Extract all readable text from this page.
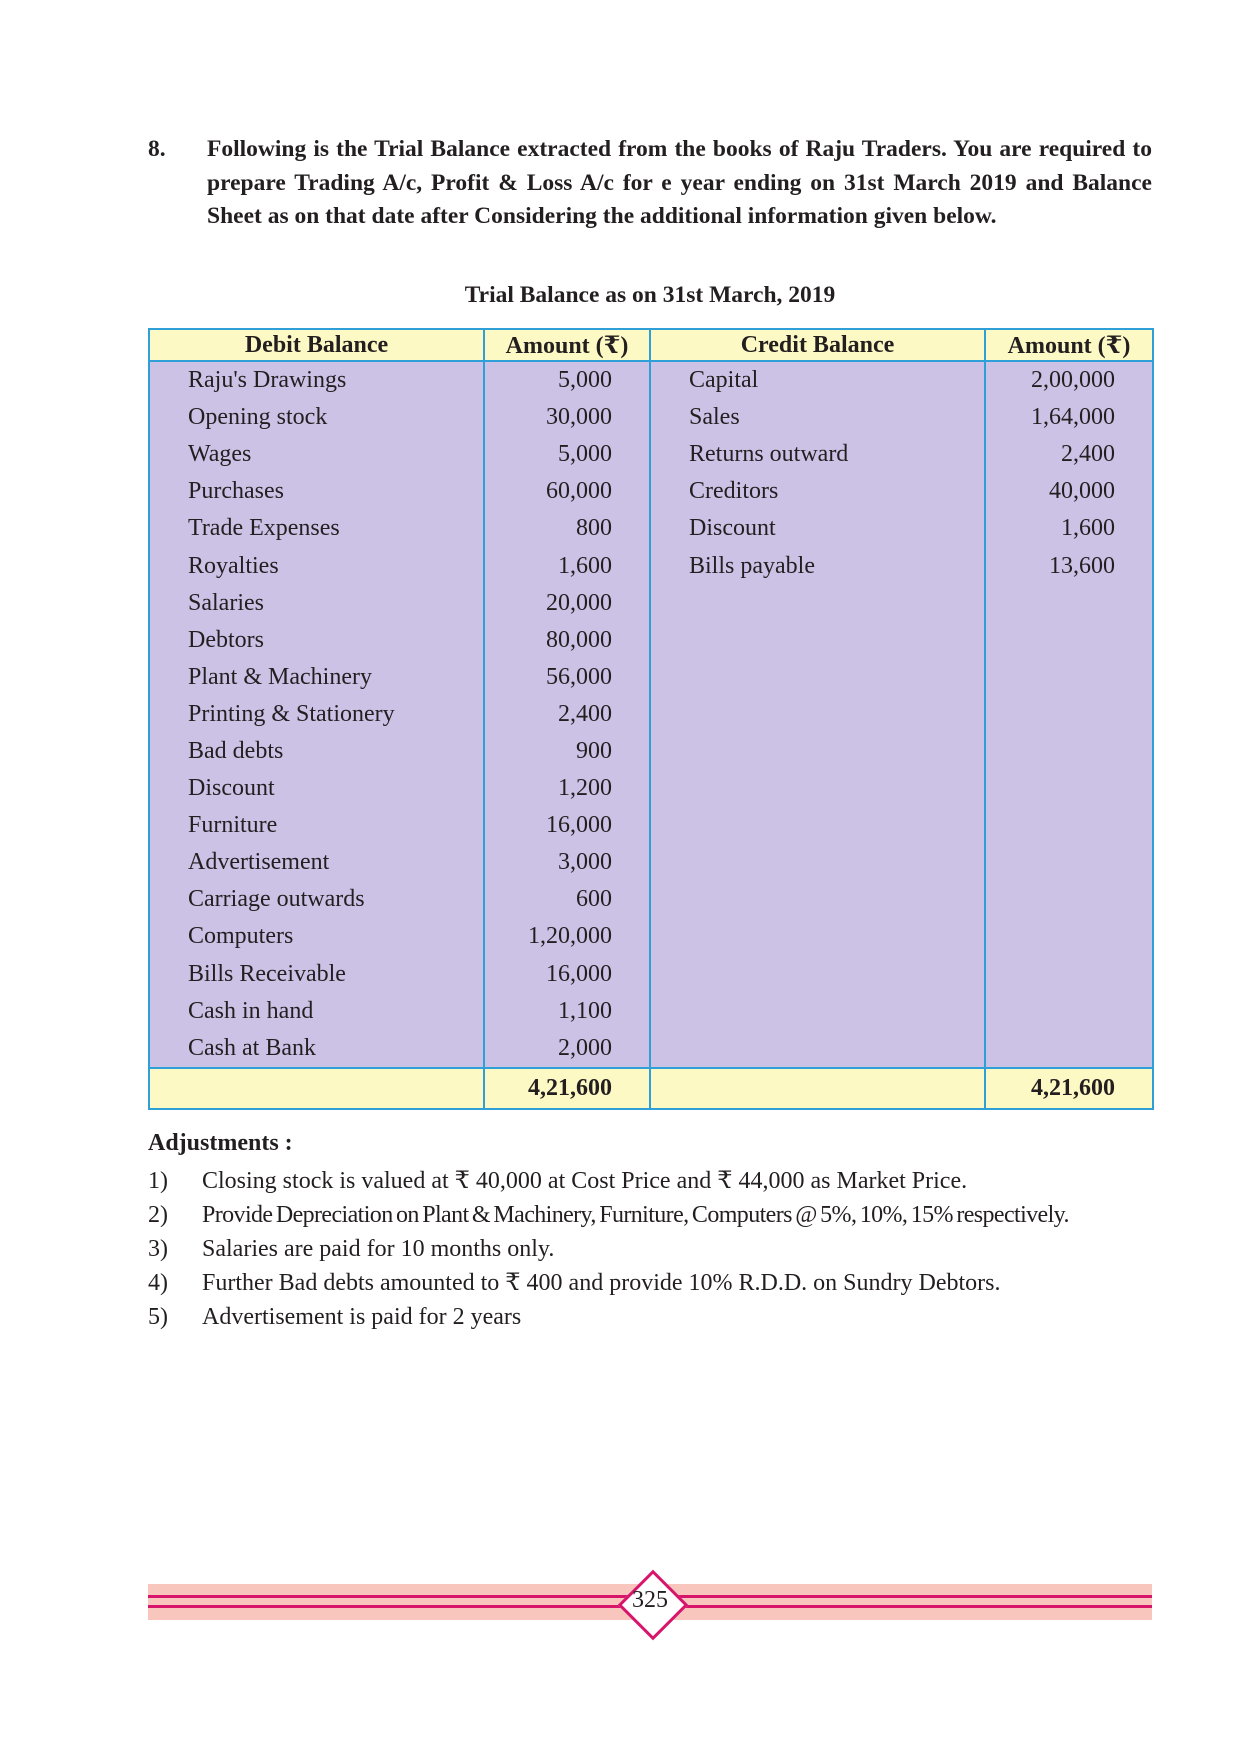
8. Following is the Trial Balance extracted from the books of Raju Traders. You are required to prepare Trading A/c, Profit & Loss A/c for e year ending on 31st March 2019 and Balance Sheet as on that date after Considering the additional information given below.
Trial Balance as on 31st March, 2019
Debit Balance	Amount (₹)	Credit Balance	Amount (₹)
Raju's Drawings	5,000	Capital	2,00,000
Opening stock	30,000	Sales	1,64,000
Wages	5,000	Returns outward	2,400
Purchases	60,000	Creditors	40,000
Trade Expenses	800	Discount	1,600
Royalties	1,600	Bills payable	13,600
Salaries	20,000		
Debtors	80,000		
Plant & Machinery	56,000		
Printing & Stationery	2,400		
Bad debts	900		
Discount	1,200		
Furniture	16,000		
Advertisement	3,000		
Carriage outwards	600		
Computers	1,20,000		
Bills Receivable	16,000		
Cash in hand	1,100		
Cash at Bank	2,000		
	4,21,600		4,21,600
Adjustments :
1) Closing stock is valued at ₹ 40,000 at Cost Price and ₹ 44,000 as Market Price.
2) Provide Depreciation on Plant & Machinery, Furniture, Computers @ 5%, 10%, 15% respectively.
3) Salaries are paid for 10 months only.
4) Further Bad debts amounted to ₹ 400 and provide 10% R.D.D. on Sundry Debtors.
5) Advertisement is paid for 2 years
325
